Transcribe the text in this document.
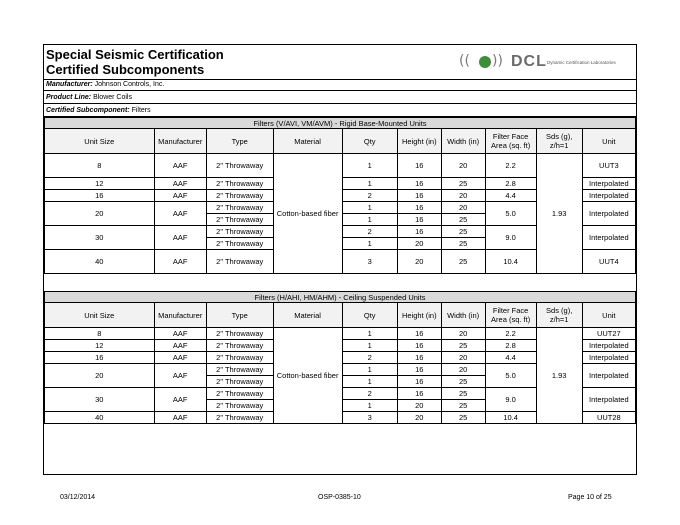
Special Seismic Certification
Certified Subcomponents
(( )) DCL Dynamic Certification Laboratories
Manufacturer: Johnson Controls, Inc.
Product Line: Blower Coils
Certified Subcomponent: Filters
Filters (V/AVI, VM/AVM) - Rigid Base-Mounted Units									
Unit Size	Manufacturer	Type	Material	Qty	Height (in)	Width (in)	Filter Face Area (sq. ft)	Sds (g), z/h=1	Unit
8	AAF	2" Throwaway	Cotton-based fiber	1	16	20	2.2	1.93	UUT3
12	AAF	2" Throwaway		1	16	25	2.8		Interpolated
16	AAF	2" Throwaway		2	16	20	4.4		Interpolated
20	AAF	2" Throwaway		1	16	20	5.0		Interpolated
		2" Throwaway		1	16	25			
30	AAF	2" Throwaway		2	16	25	9.0		Interpolated
		2" Throwaway		1	20	25			
40	AAF	2" Throwaway		3	20	25	10.4		UUT4
Filters (H/AHI, HM/AHM) - Ceiling Suspended Units									
Unit Size	Manufacturer	Type	Material	Qty	Height (in)	Width (in)	Filter Face Area (sq. ft)	Sds (g), z/h=1	Unit
8	AAF	2" Throwaway	Cotton-based fiber	1	16	20	2.2	1.93	UUT27
12	AAF	2" Throwaway		1	16	25	2.8		Interpolated
16	AAF	2" Throwaway		2	16	20	4.4		Interpolated
20	AAF	2" Throwaway		1	16	20	5.0		Interpolated
		2" Throwaway		1	16	25			
30	AAF	2" Throwaway		2	16	25	9.0		Interpolated
		2" Throwaway		1	20	25			
40	AAF	2" Throwaway		3	20	25	10.4		UUT28
03/12/2014	OSP-0385-10	Page 10 of 25
